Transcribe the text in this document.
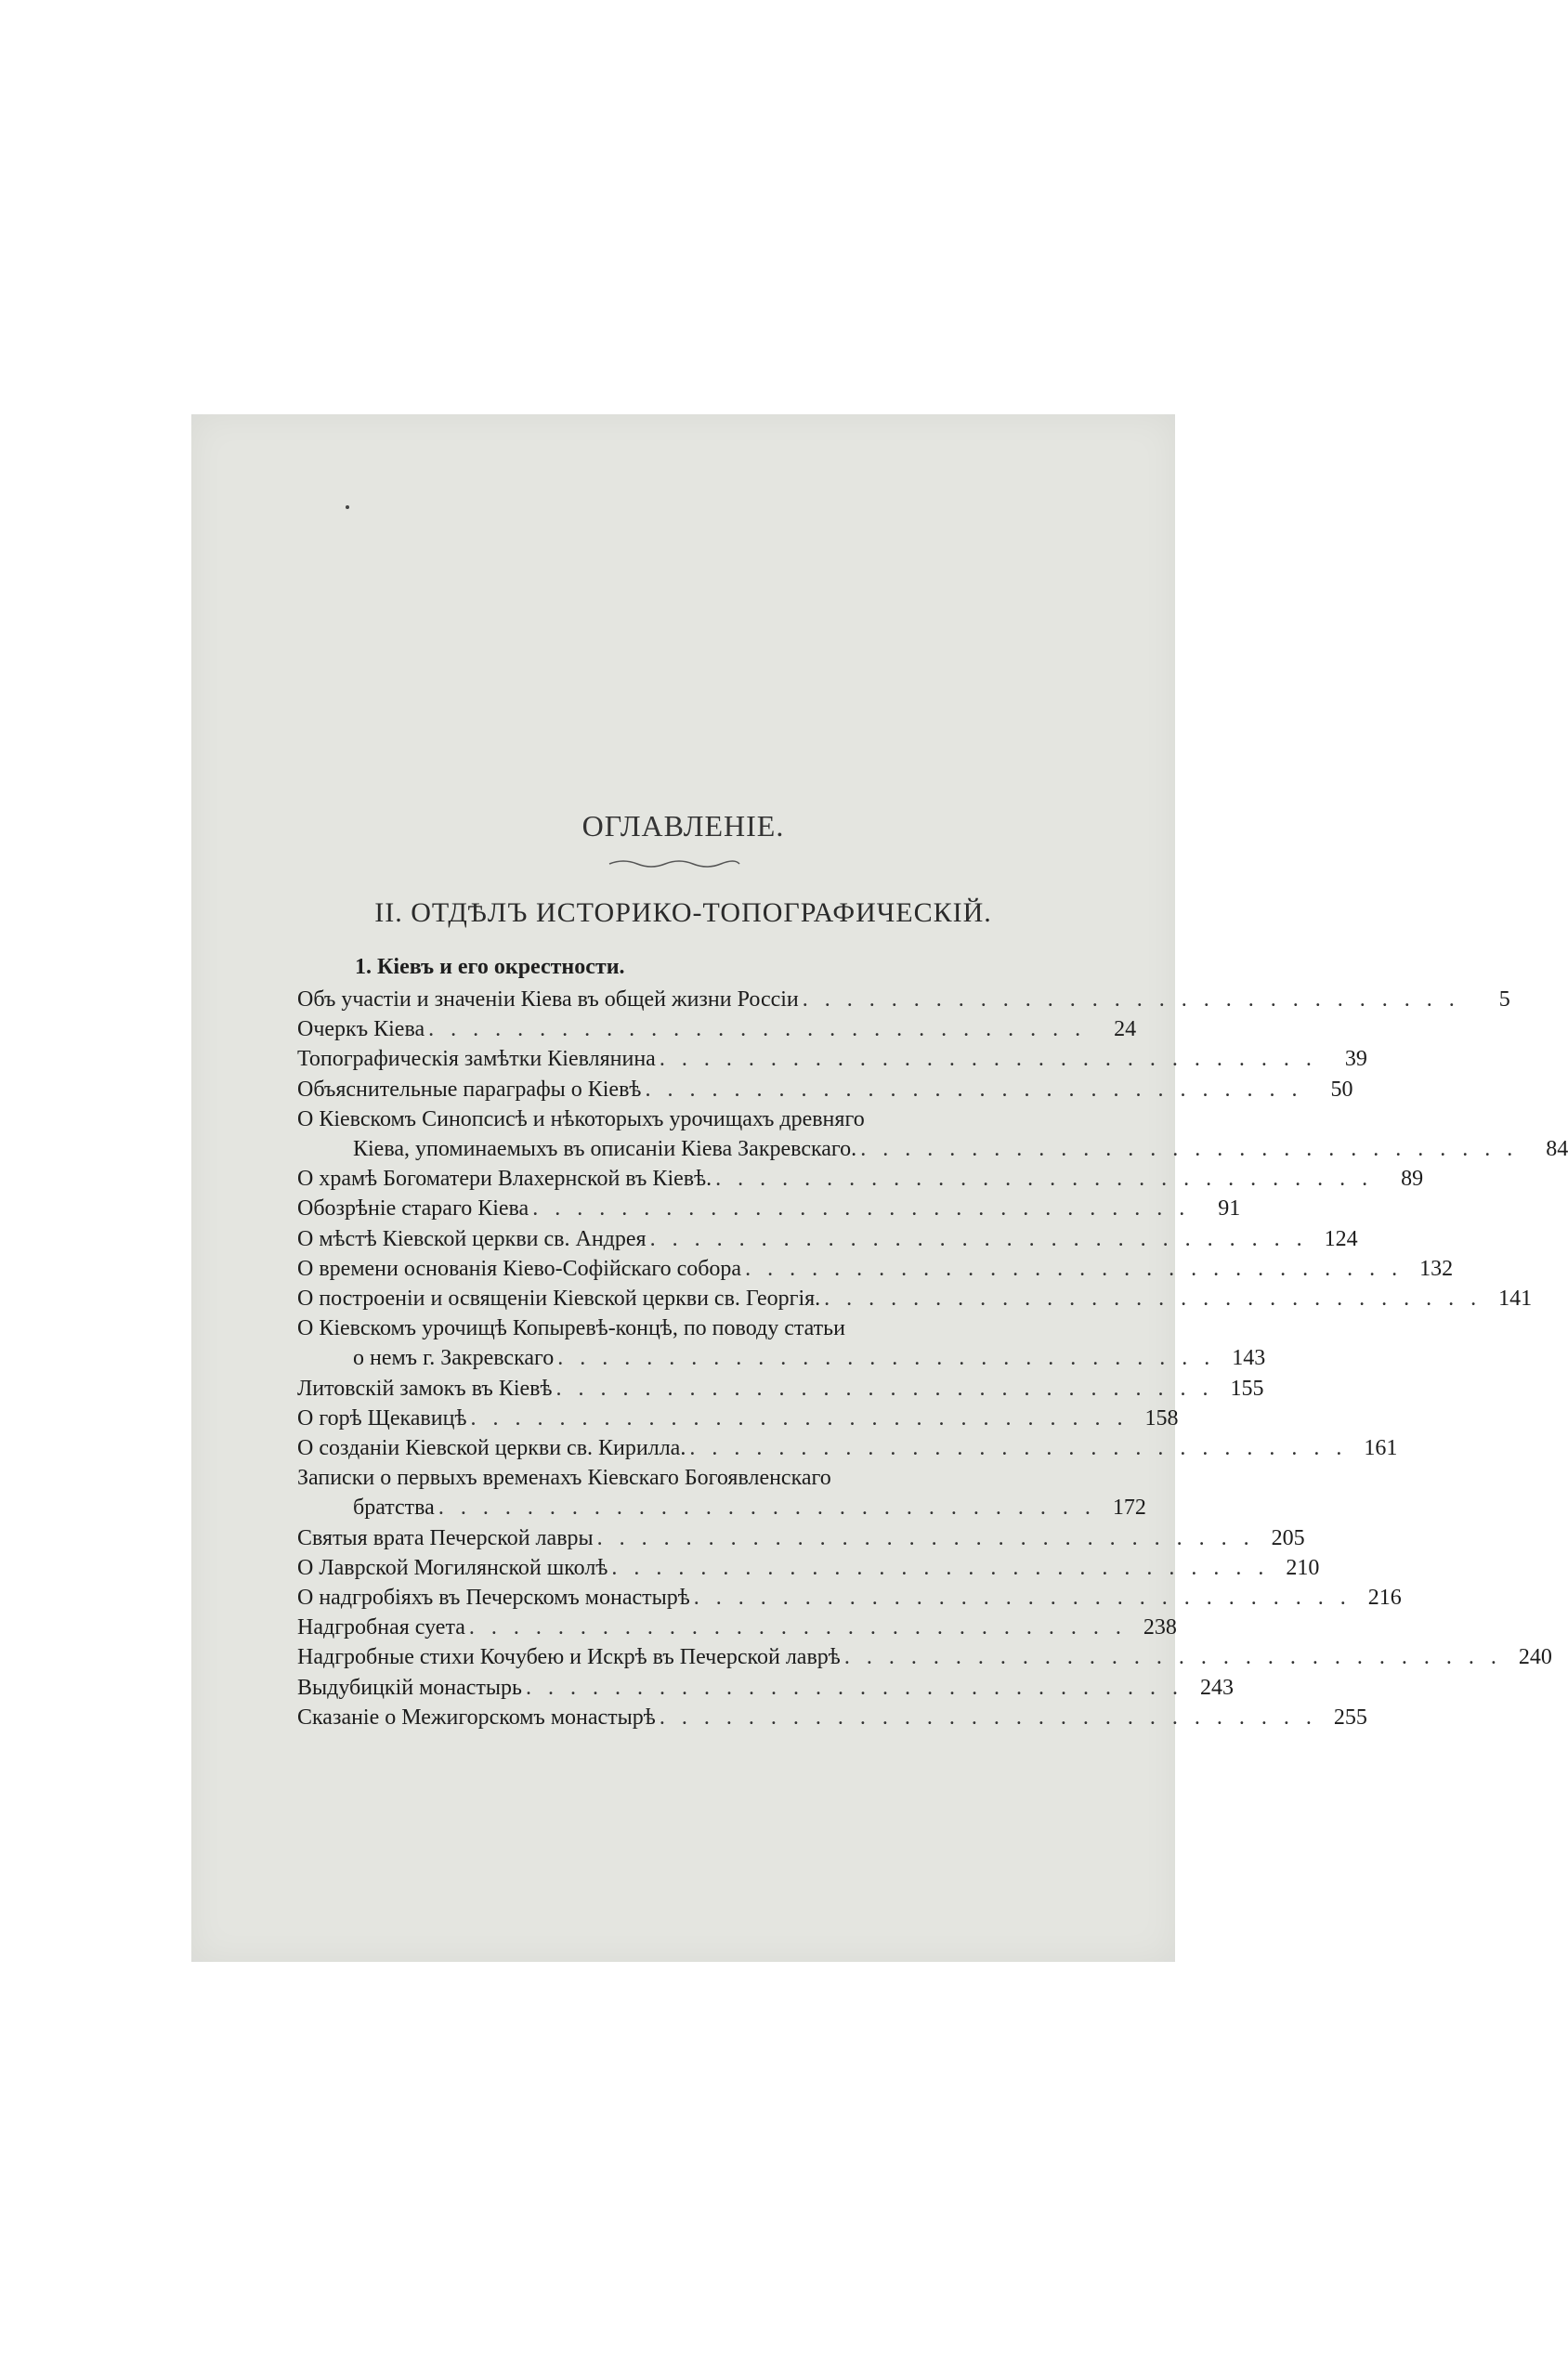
ОГЛАВЛЕНІЕ.
II. ОТДѢЛЪ ИСТОРИКО-ТОПОГРАФИЧЕСКІЙ.
1. Кіевъ и его окрестности.
Объ участіи и значеніи Кіева въ общей жизни Россіи . . . . . . . . . . . . . . . . . . . . . . . . . . . . . .	5
Очеркъ Кіева . . . . . . . . . . . . . . . . . . . . . . . . . . . . . .	24
Топографическія замѣтки Кіевлянина . . . . . . . . . . . . . . . . . . . . . . . . . . . . . .	39
Объяснительные параграфы о Кіевѣ . . . . . . . . . . . . . . . . . . . . . . . . . . . . . .	50
О Кіевскомъ Синопсисѣ и нѣкоторыхъ урочищахъ древняго
Кіева, упоминаемыхъ въ описаніи Кіева Закревскаго. . . . . . . . . . . . . . . . . . . . . . . . . . . . . . .	84
О храмѣ Богоматери Влахернской въ Кіевѣ. . . . . . . . . . . . . . . . . . . . . . . . . . . . . . .	89
Обозрѣніе стараго Кіева . . . . . . . . . . . . . . . . . . . . . . . . . . . . . .	91
О мѣстѣ Кіевской церкви св. Андрея . . . . . . . . . . . . . . . . . . . . . . . . . . . . . . 124
О времени основанія Кіево-Софійскаго собора . . . . . . . . . . . . . . . . . . . . . . . . . . . . . . 132
О построеніи и освященіи Кіевской церкви св. Георгія. . . . . . . . . . . . . . . . . . . . . . . . . . . . . . . 141
О Кіевскомъ урочищѣ Копыревѣ-концѣ, по поводу статьи
о немъ г. Закревскаго . . . . . . . . . . . . . . . . . . . . . . . . . . . . . . 143
Литовскій замокъ въ Кіевѣ . . . . . . . . . . . . . . . . . . . . . . . . . . . . . . 155
О горѣ Щекавицѣ . . . . . . . . . . . . . . . . . . . . . . . . . . . . . . 158
О созданіи Кіевской церкви св. Кирилла. . . . . . . . . . . . . . . . . . . . . . . . . . . . . . . 161
Записки о первыхъ временахъ Кіевскаго Богоявленскаго
братства . . . . . . . . . . . . . . . . . . . . . . . . . . . . . . 172
Святыя врата Печерской лавры . . . . . . . . . . . . . . . . . . . . . . . . . . . . . . 205
О Лаврской Могилянской школѣ . . . . . . . . . . . . . . . . . . . . . . . . . . . . . . 210
О надгробіяхъ въ Печерскомъ монастырѣ . . . . . . . . . . . . . . . . . . . . . . . . . . . . . . 216
Надгробная суета . . . . . . . . . . . . . . . . . . . . . . . . . . . . . . 238
Надгробные стихи Кочубею и Искрѣ въ Печерской лаврѣ . . . . . . . . . . . . . . . . . . . . . . . . . . . . . . 240
Выдубицкій монастырь . . . . . . . . . . . . . . . . . . . . . . . . . . . . . . 243
Сказаніе о Межигорскомъ монастырѣ . . . . . . . . . . . . . . . . . . . . . . . . . . . . . . 255
